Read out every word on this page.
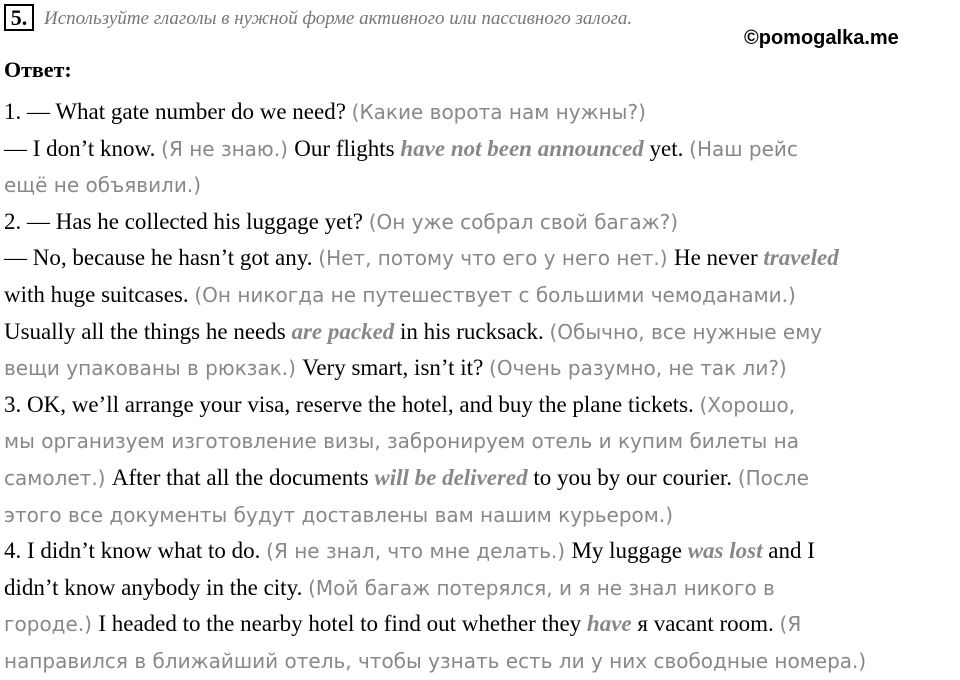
5. Используйте глаголы в нужной форме активного или пассивного залога.
©pomogalka.me
Ответ:
1. — What gate number do we need? (Какие ворота нам нужны?)
— I don’t know. (Я не знаю.) Our flights have not been announced yet. (Наш рейс
ещё не объявили.)
2. — Has he collected his luggage yet? (Он уже собрал свой багаж?)
— No, because he hasn’t got any. (Нет, потому что его у него нет.) He never traveled
with huge suitcases. (Он никогда не путешествует с большими чемоданами.)
Usually all the things he needs are packed in his rucksack. (Обычно, все нужные ему
вещи упакованы в рюкзак.) Very smart, isn’t it? (Очень разумно, не так ли?)
3. OK, we’ll arrange your visa, reserve the hotel, and buy the plane tickets. (Хорошо,
мы организуем изготовление визы, забронируем отель и купим билеты на
самолет.) After that all the documents will be delivered to you by our courier. (После
этого все документы будут доставлены вам нашим курьером.)
4. I didn’t know what to do. (Я не знал, что мне делать.) My luggage was lost and I
didn’t know anybody in the city. (Мой багаж потерялся, и я не знал никого в
городе.) I headed to the nearby hotel to find out whether they have я vacant room. (Я
направился в ближайший отель, чтобы узнать есть ли у них свободные номера.)
